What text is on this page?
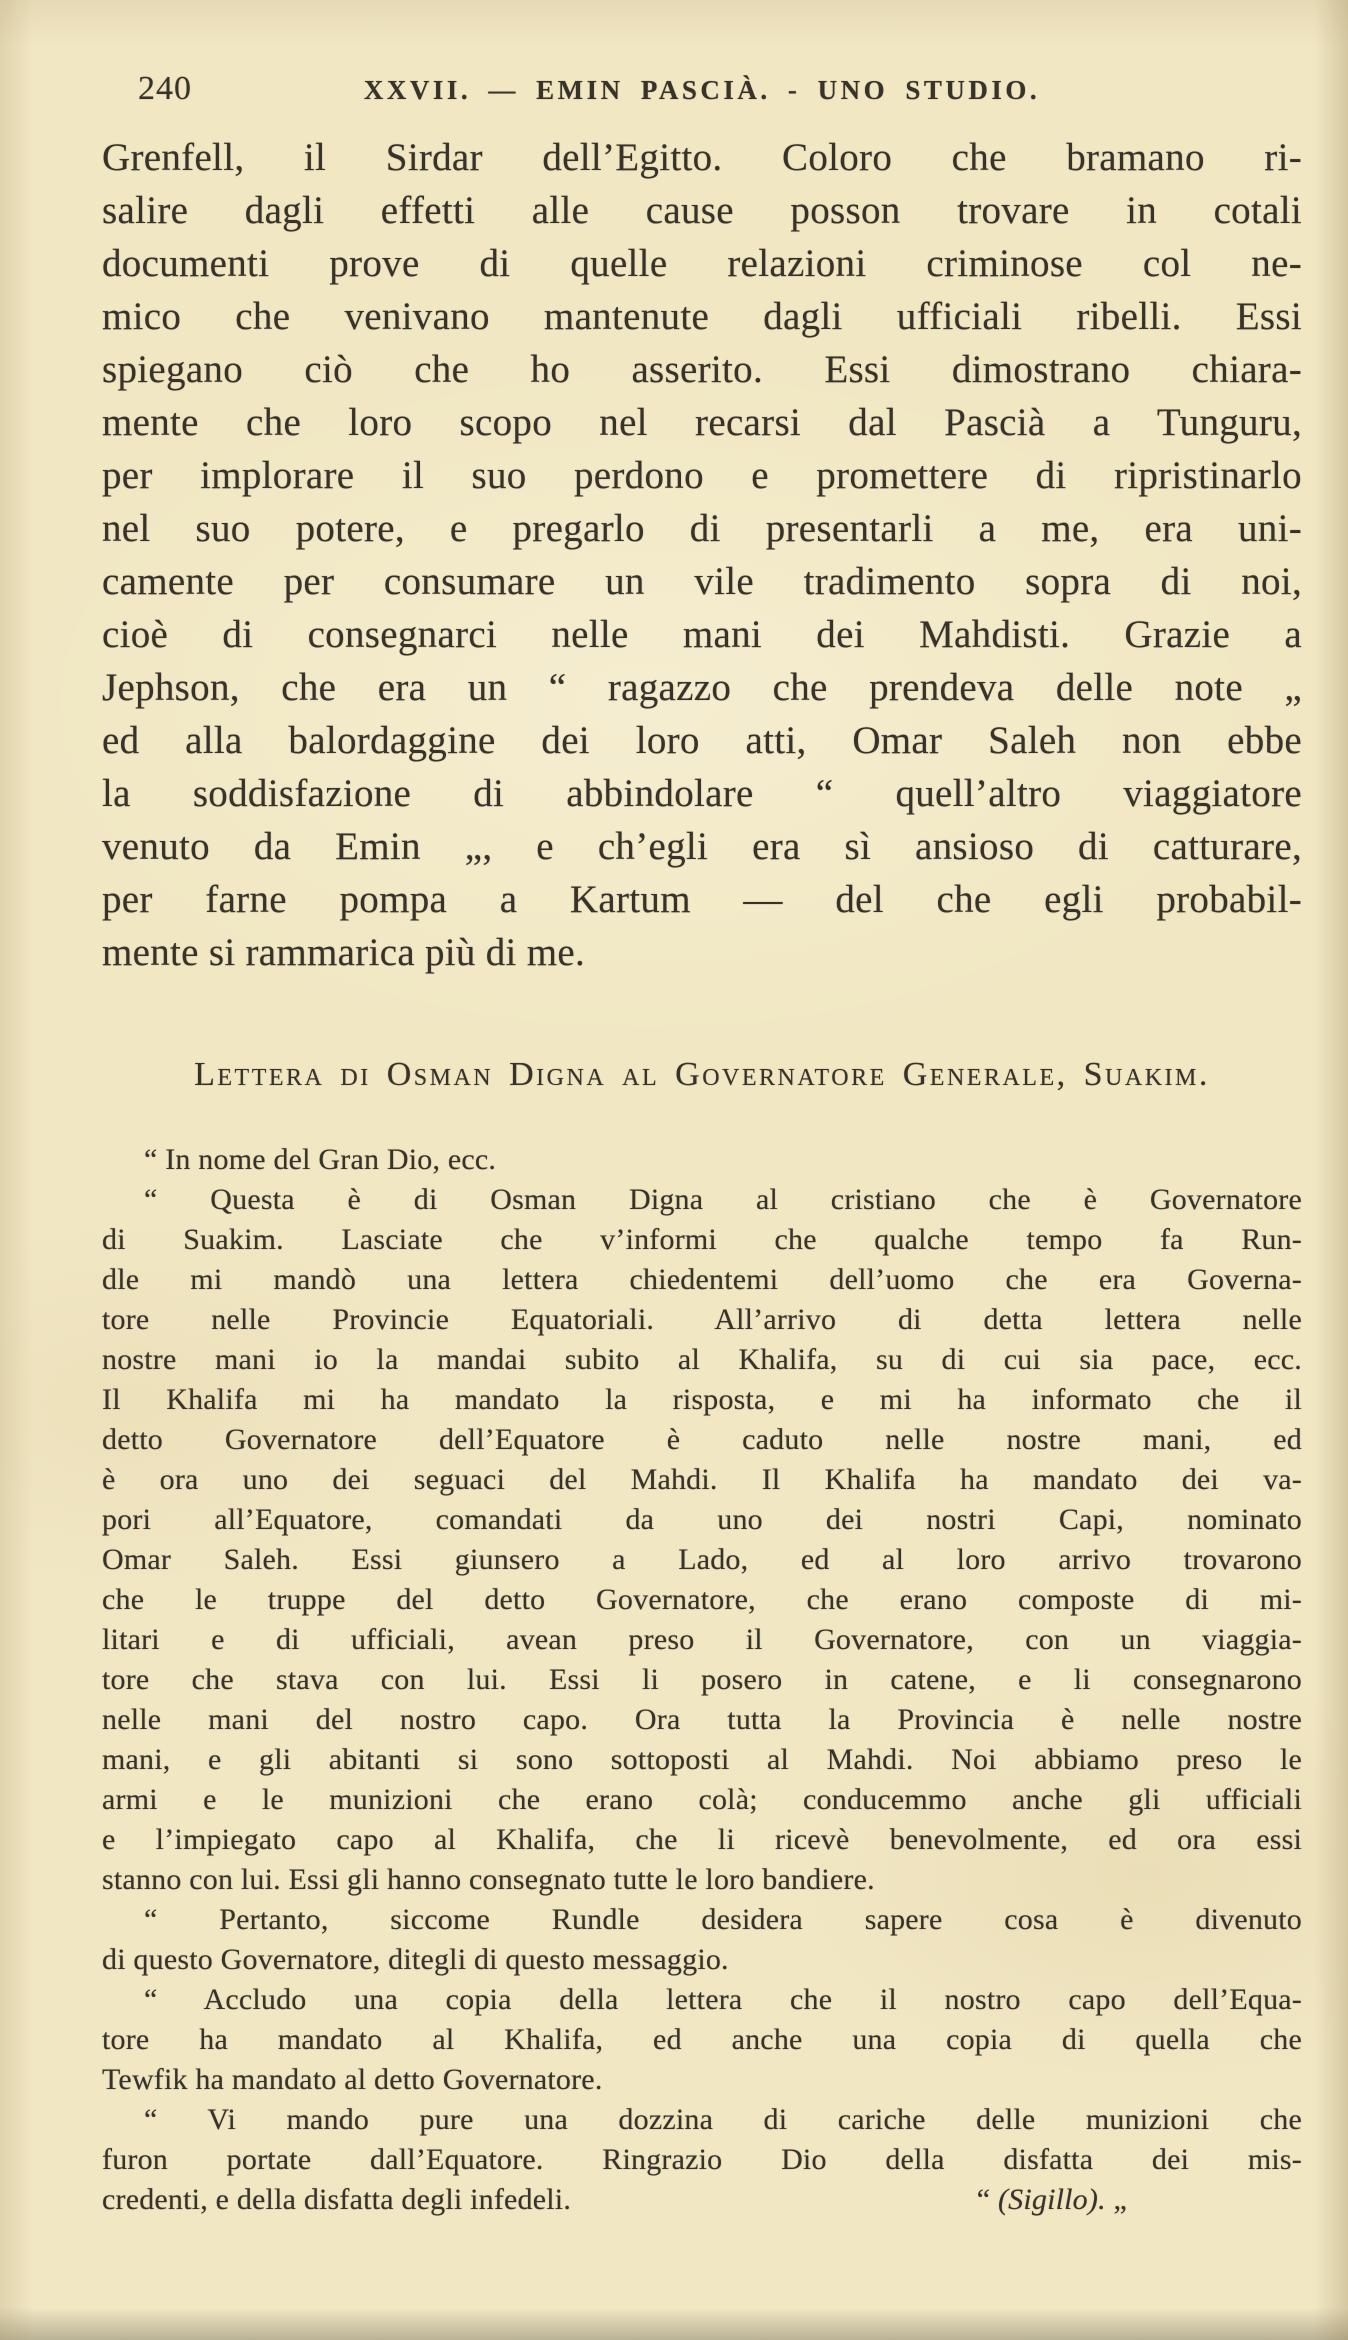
240	XXVII. — EMIN PASCIÀ. - UNO STUDIO.
Grenfell, il Sirdar dell’Egitto. Coloro che bramano ri-
salire dagli effetti alle cause posson trovare in cotali
documenti prove di quelle relazioni criminose col ne-
mico che venivano mantenute dagli ufficiali ribelli. Essi
spiegano ciò che ho asserito. Essi dimostrano chiara-
mente che loro scopo nel recarsi dal Pascià a Tunguru,
per implorare il suo perdono e promettere di ripristinarlo
nel suo potere, e pregarlo di presentarli a me, era uni-
camente per consumare un vile tradimento sopra di noi,
cioè di consegnarci nelle mani dei Mahdisti. Grazie a
Jephson, che era un “ ragazzo che prendeva delle note „
ed alla balordaggine dei loro atti, Omar Saleh non ebbe
la soddisfazione di abbindolare “ quell’altro viaggiatore
venuto da Emin „, e ch’egli era sì ansioso di catturare,
per farne pompa a Kartum — del che egli probabil-
mente si rammarica più di me.
Lettera di Osman Digna al Governatore Generale, Suakim.
“ In nome del Gran Dio, ecc.
“ Questa è di Osman Digna al cristiano che è Governatore
di Suakim. Lasciate che v’informi che qualche tempo fa Run-
dle mi mandò una lettera chiedentemi dell’uomo che era Governa-
tore nelle Provincie Equatoriali. All’arrivo di detta lettera nelle
nostre mani io la mandai subito al Khalifa, su di cui sia pace, ecc.
Il Khalifa mi ha mandato la risposta, e mi ha informato che il
detto Governatore dell’Equatore è caduto nelle nostre mani, ed
è ora uno dei seguaci del Mahdi. Il Khalifa ha mandato dei va-
pori all’Equatore, comandati da uno dei nostri Capi, nominato
Omar Saleh. Essi giunsero a Lado, ed al loro arrivo trovarono
che le truppe del detto Governatore, che erano composte di mi-
litari e di ufficiali, avean preso il Governatore, con un viaggia-
tore che stava con lui. Essi li posero in catene, e li consegnarono
nelle mani del nostro capo. Ora tutta la Provincia è nelle nostre
mani, e gli abitanti si sono sottoposti al Mahdi. Noi abbiamo preso le
armi e le munizioni che erano colà; conducemmo anche gli ufficiali
e l’impiegato capo al Khalifa, che li ricevè benevolmente, ed ora essi
stanno con lui. Essi gli hanno consegnato tutte le loro bandiere.
“ Pertanto, siccome Rundle desidera sapere cosa è divenuto
di questo Governatore, ditegli di questo messaggio.
“ Accludo una copia della lettera che il nostro capo dell’Equa-
tore ha mandato al Khalifa, ed anche una copia di quella che
Tewfik ha mandato al detto Governatore.
“ Vi mando pure una dozzina di cariche delle munizioni che
furon portate dall’Equatore. Ringrazio Dio della disfatta dei mis-
credenti, e della disfatta degli infedeli.	“ (Sigillo). „
